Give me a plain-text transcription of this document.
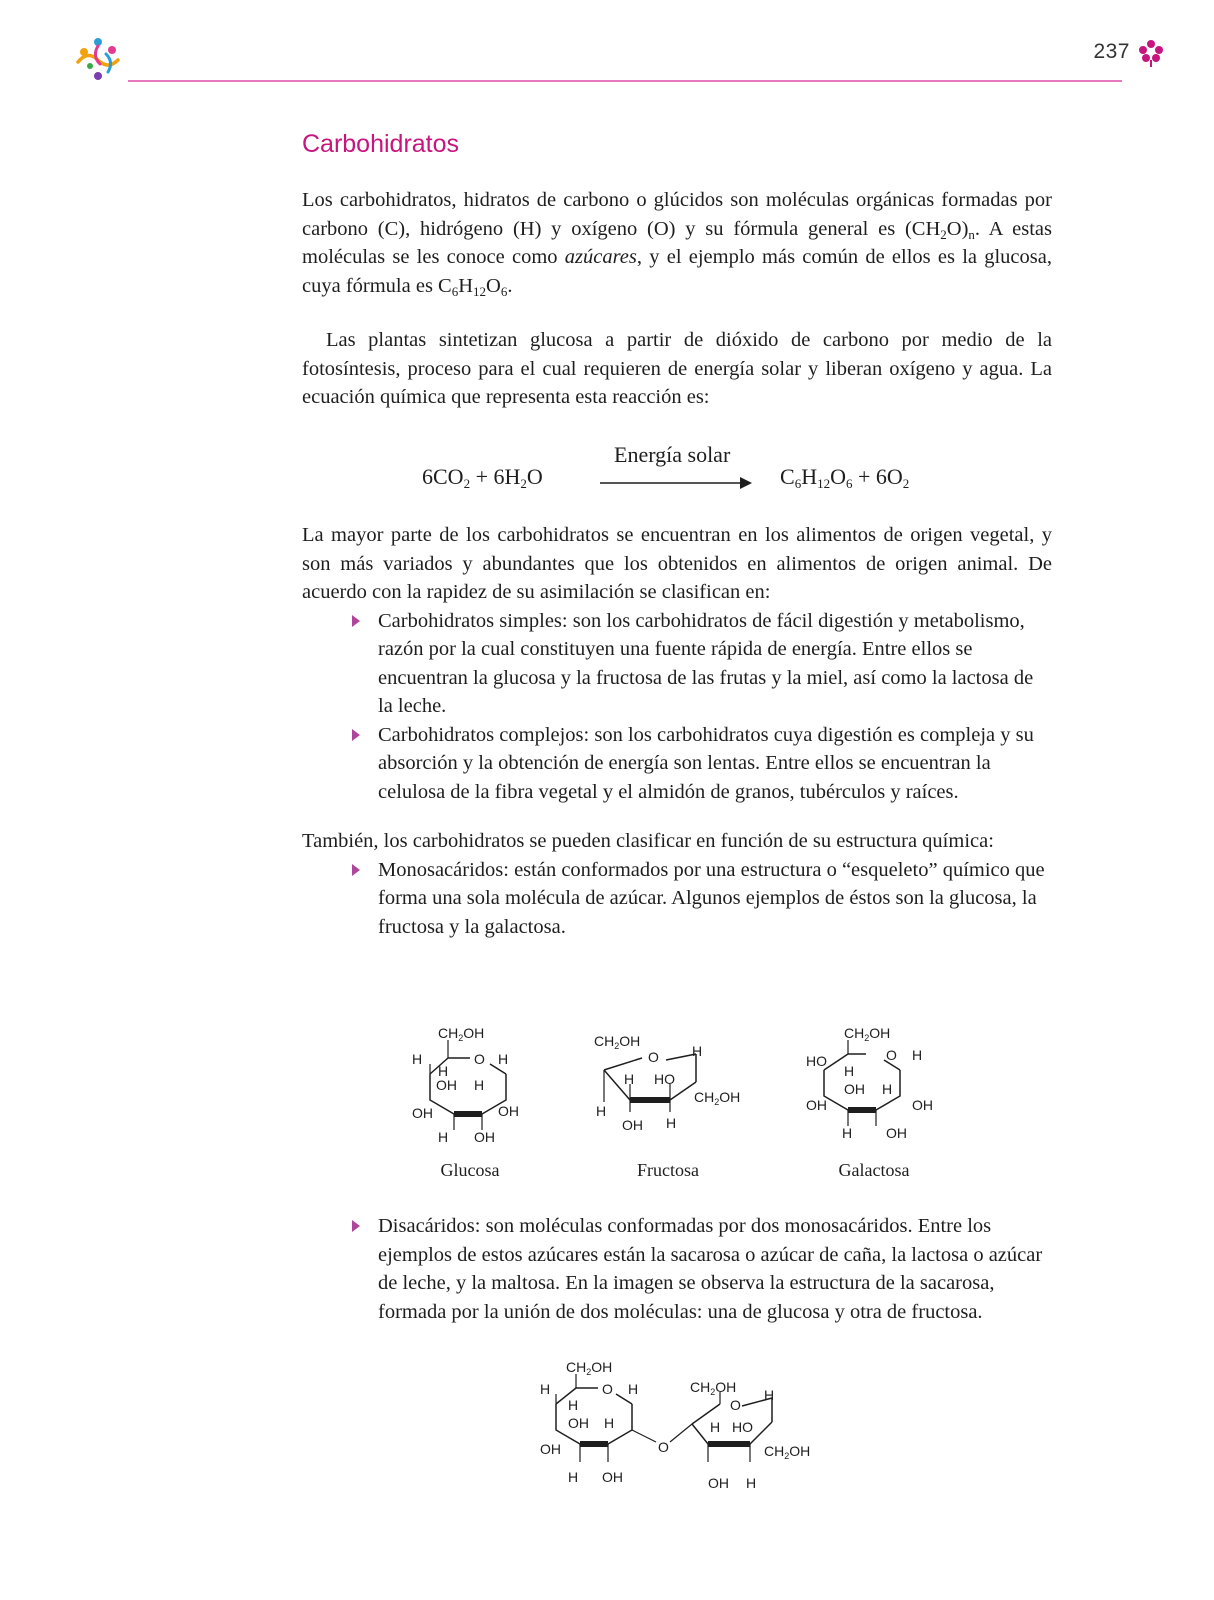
237
Carbohidratos

Los carbohidratos, hidratos de carbono o glúcidos son moléculas orgánicas formadas por carbono (C), hidrógeno (H) y oxígeno (O) y su fórmula general es $(CH_2O)_n$. A estas moléculas se les conoce como azúcares, y el ejemplo más común de ellos es la glucosa, cuya fórmula es $C_6H_{12}O_6$.

Las plantas sintetizan glucosa a partir de dióxido de carbono por medio de la fotosíntesis, proceso para el cual requieren de energía solar y liberan oxígeno y agua. La ecuación química que representa esta reacción es:

$6CO_2 + 6H_2O$
Energía solar
$C_6H_{12}O_6 + 6O_2$

La mayor parte de los carbohidratos se encuentran en los alimentos de origen vegetal, y son más variados y abundantes que los obtenidos en alimentos de origen animal. De acuerdo con la rapidez de su asimilación se clasifican en:

Carbohidratos simples: son los carbohidratos de fácil digestión y metabolismo, razón por la cual constituyen una fuente rápida de energía. Entre ellos se encuentran la glucosa y la fructosa de las frutas y la miel, así como la lactosa de la leche.
Carbohidratos complejos: son los carbohidratos cuya digestión es compleja y su absorción y la obtención de energía son lentas. Entre ellos se encuentran la celulosa de la fibra vegetal y el almidón de granos, tubérculos y raíces.

También, los carbohidratos se pueden clasificar en función de su estructura química:

Monosacáridos: están conformados por una estructura o “esqueleto” químico que forma una sola molécula de azúcar. Algunos ejemplos de éstos son la glucosa, la fructosa y la galactosa.
$CH_2OH$
O H
H
H
OH H
OH	OH
H OH
Glucosa
$CH_2OH$
O H
H HO
$CH_2OH$
H
OH H
Fructosa
$CH_2OH$
O H
HO
H
OH H
OH	OH
H OH
Galactosa
Disacáridos: son moléculas conformadas por dos monosacáridos. Entre los ejemplos de estos azúcares están la sacarosa o azúcar de caña, la lactosa o azúcar de leche, y la maltosa. En la imagen se observa la estructura de la sacarosa, formada por la unión de dos moléculas: una de glucosa y otra de fructosa.
$CH_2OH$
O H
H
H
OH H
OH
H OH
O
$CH_2OH$
O
H
H HO
$CH_2OH$
OH H
